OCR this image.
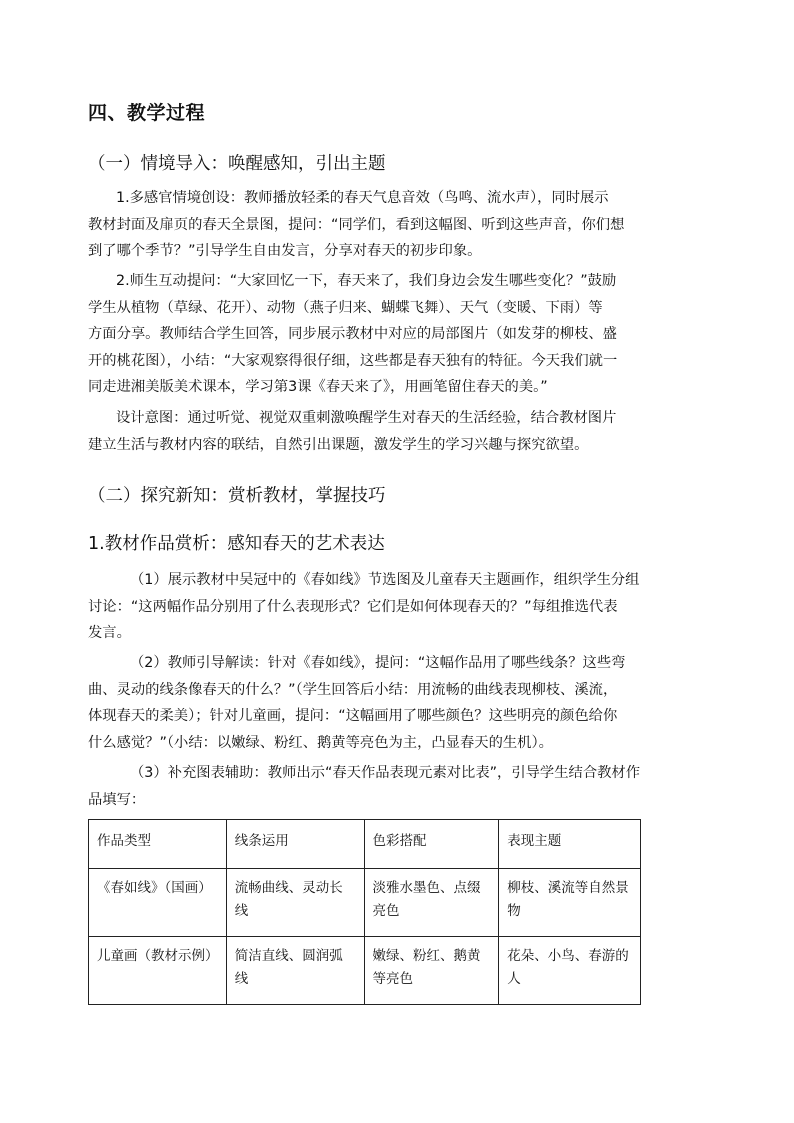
四、教学过程
（一）情境导入：唤醒感知，引出主题
1.多感官情境创设：教师播放轻柔的春天气息音效（鸟鸣、流水声），同时展示
教材封面及扉页的春天全景图，提问：“同学们，看到这幅图、听到这些声音，你们想
到了哪个季节？”引导学生自由发言，分享对春天的初步印象。
2.师生互动提问：“大家回忆一下，春天来了，我们身边会发生哪些变化？”鼓励
学生从植物（草绿、花开）、动物（燕子归来、蝴蝶飞舞）、天气（变暖、下雨）等
方面分享。教师结合学生回答，同步展示教材中对应的局部图片（如发芽的柳枝、盛
开的桃花图），小结：“大家观察得很仔细，这些都是春天独有的特征。今天我们就一
同走进湘美版美术课本，学习第3课《春天来了》，用画笔留住春天的美。”
设计意图：通过听觉、视觉双重刺激唤醒学生对春天的生活经验，结合教材图片
建立生活与教材内容的联结，自然引出课题，激发学生的学习兴趣与探究欲望。
（二）探究新知：赏析教材，掌握技巧
1.教材作品赏析：感知春天的艺术表达
（1）展示教材中吴冠中的《春如线》节选图及儿童春天主题画作，组织学生分组
讨论：“这两幅作品分别用了什么表现形式？它们是如何体现春天的？”每组推选代表
发言。
（2）教师引导解读：针对《春如线》，提问：“这幅作品用了哪些线条？这些弯
曲、灵动的线条像春天的什么？”（学生回答后小结：用流畅的曲线表现柳枝、溪流，
体现春天的柔美）；针对儿童画，提问：“这幅画用了哪些颜色？这些明亮的颜色给你
什么感觉？”（小结：以嫩绿、粉红、鹅黄等亮色为主，凸显春天的生机）。
（3）补充图表辅助：教师出示“春天作品表现元素对比表”，引导学生结合教材作
品填写：
作品类型	线条运用	色彩搭配	表现主题
《春如线》（国画）	流畅曲线、灵动长线	淡雅水墨色、点缀亮色	柳枝、溪流等自然景物
儿童画（教材示例）	简洁直线、圆润弧线	嫩绿、粉红、鹅黄等亮色	花朵、小鸟、春游的人
